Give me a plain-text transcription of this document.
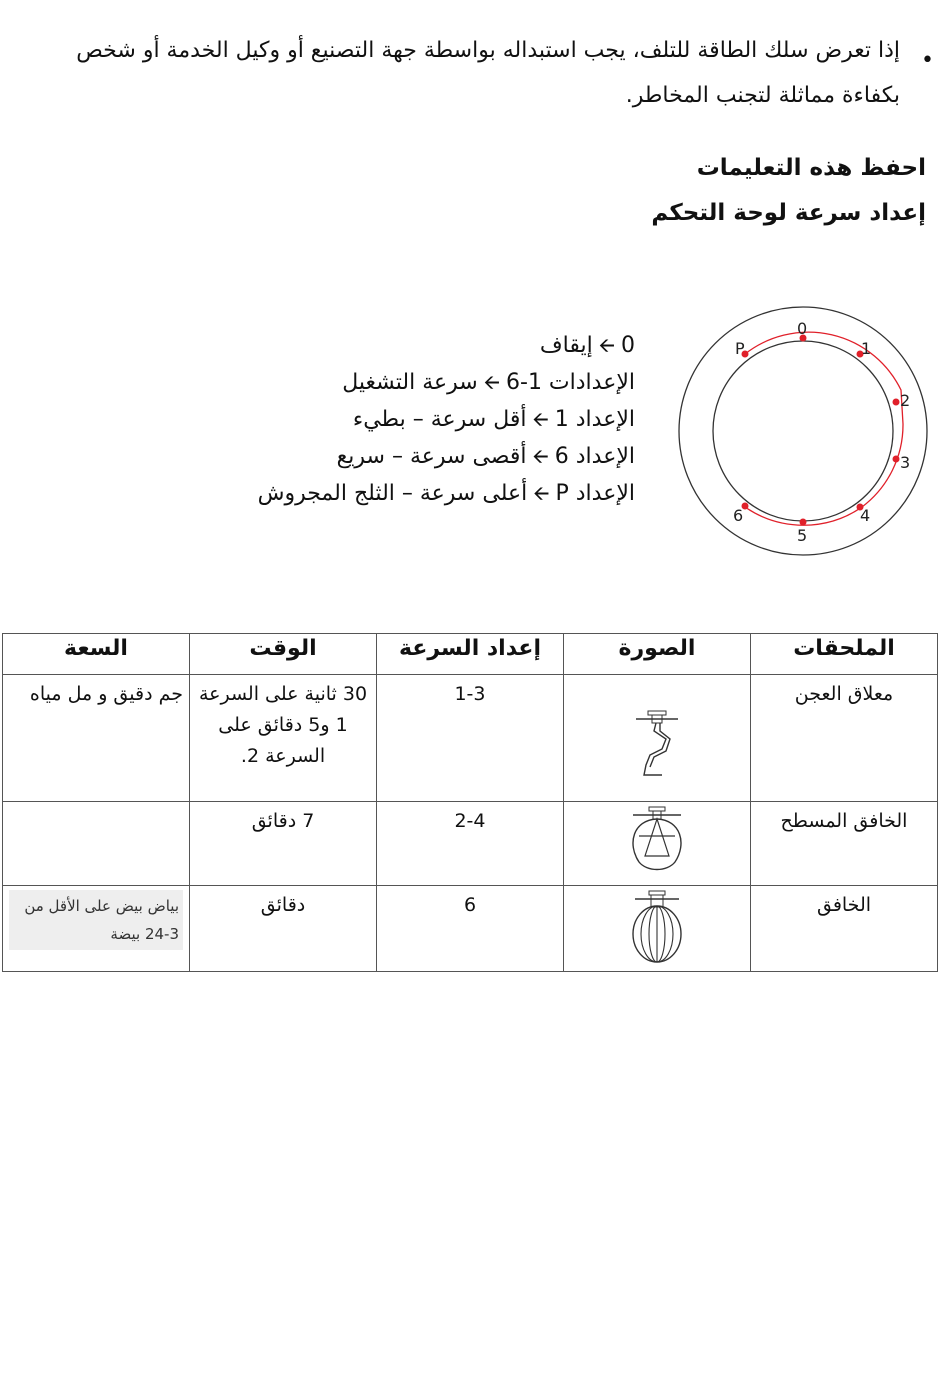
•
إذا تعرض سلك الطاقة للتلف، يجب استبداله بواسطة جهة التصنيع أو وكيل الخدمة أو شخص بكفاءة مماثلة لتجنب المخاطر.
احفظ هذه التعليمات
إعداد سرعة لوحة التحكم
0🡨إيقاف
الإعدادات 1-6🡨سرعة التشغيل
الإعداد 1🡨أقل سرعة – بطيء
الإعداد 6🡨أقصى سرعة – سريع
الإعداد P🡨أعلى سرعة – الثلج المجروش
0
1
2
3
4
5
6
P
الملحقات	الصورة	إعداد السرعة	الوقت	السعة
معلاق العجن		1-3	30 ثانية على السرعة 1 و5 دقائق على السرعة 2.	جم دقيق و مل مياه
الخافق المسطح		2-4	7 دقائق	
الخافق		6	دقائق	بياض بيض على الأقل من 3-24 بيضة
